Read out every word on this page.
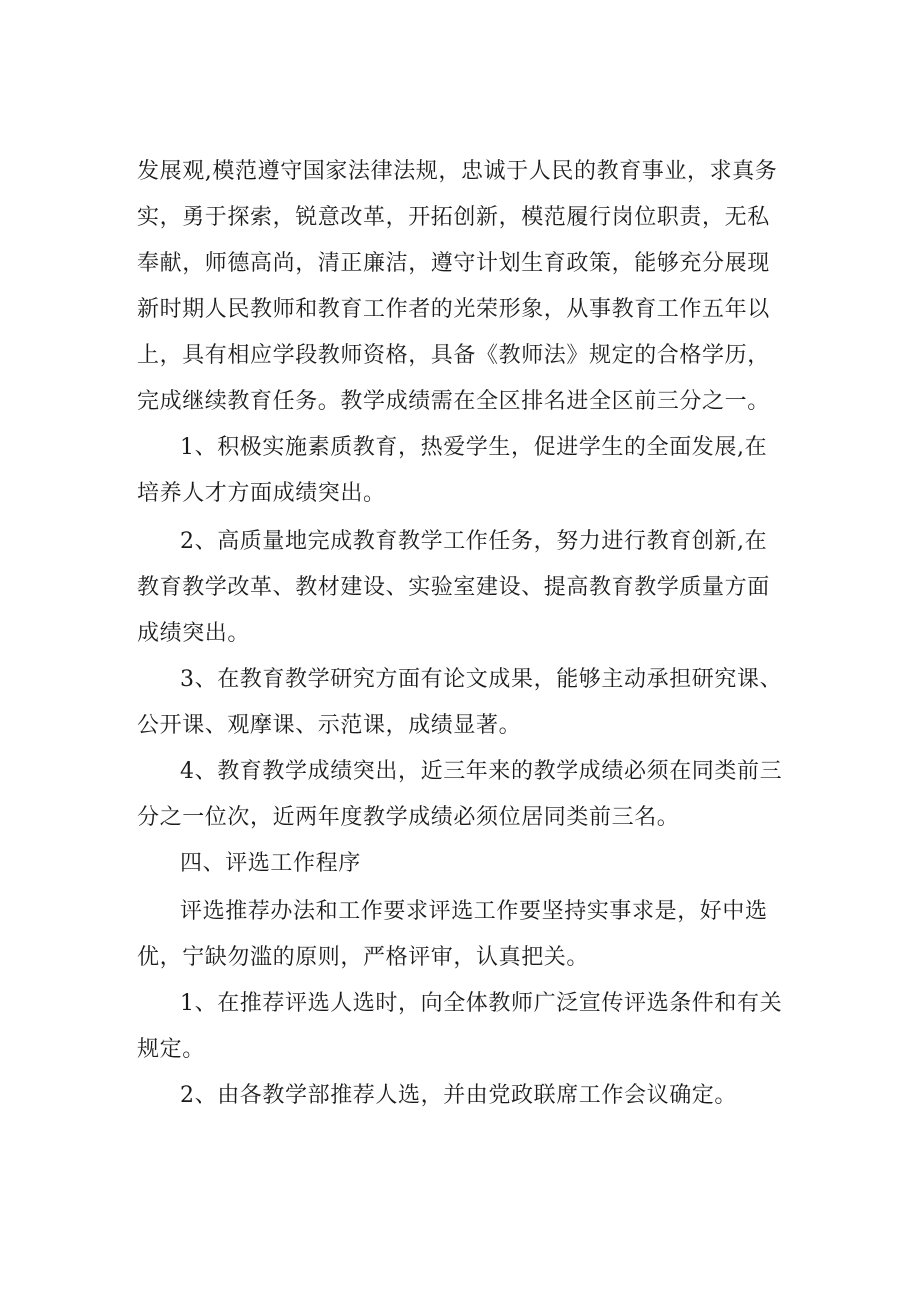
发展观,模范遵守国家法律法规，忠诚于人民的教育事业，求真务
实，勇于探索，锐意改革，开拓创新，模范履行岗位职责，无私
奉献，师德高尚，清正廉洁，遵守计划生育政策，能够充分展现
新时期人民教师和教育工作者的光荣形象，从事教育工作五年以
上，具有相应学段教师资格，具备《教师法》规定的合格学历，
完成继续教育任务。教学成绩需在全区排名进全区前三分之一。
1、积极实施素质教育，热爱学生，促进学生的全面发展,在
培养人才方面成绩突出。
2、高质量地完成教育教学工作任务，努力进行教育创新,在
教育教学改革、教材建设、实验室建设、提高教育教学质量方面
成绩突出。
3、在教育教学研究方面有论文成果，能够主动承担研究课、
公开课、观摩课、示范课，成绩显著。
4、教育教学成绩突出，近三年来的教学成绩必须在同类前三
分之一位次，近两年度教学成绩必须位居同类前三名。
四、评选工作程序
评选推荐办法和工作要求评选工作要坚持实事求是，好中选
优，宁缺勿滥的原则，严格评审，认真把关。
1、在推荐评选人选时，向全体教师广泛宣传评选条件和有关
规定。
2、由各教学部推荐人选，并由党政联席工作会议确定。
